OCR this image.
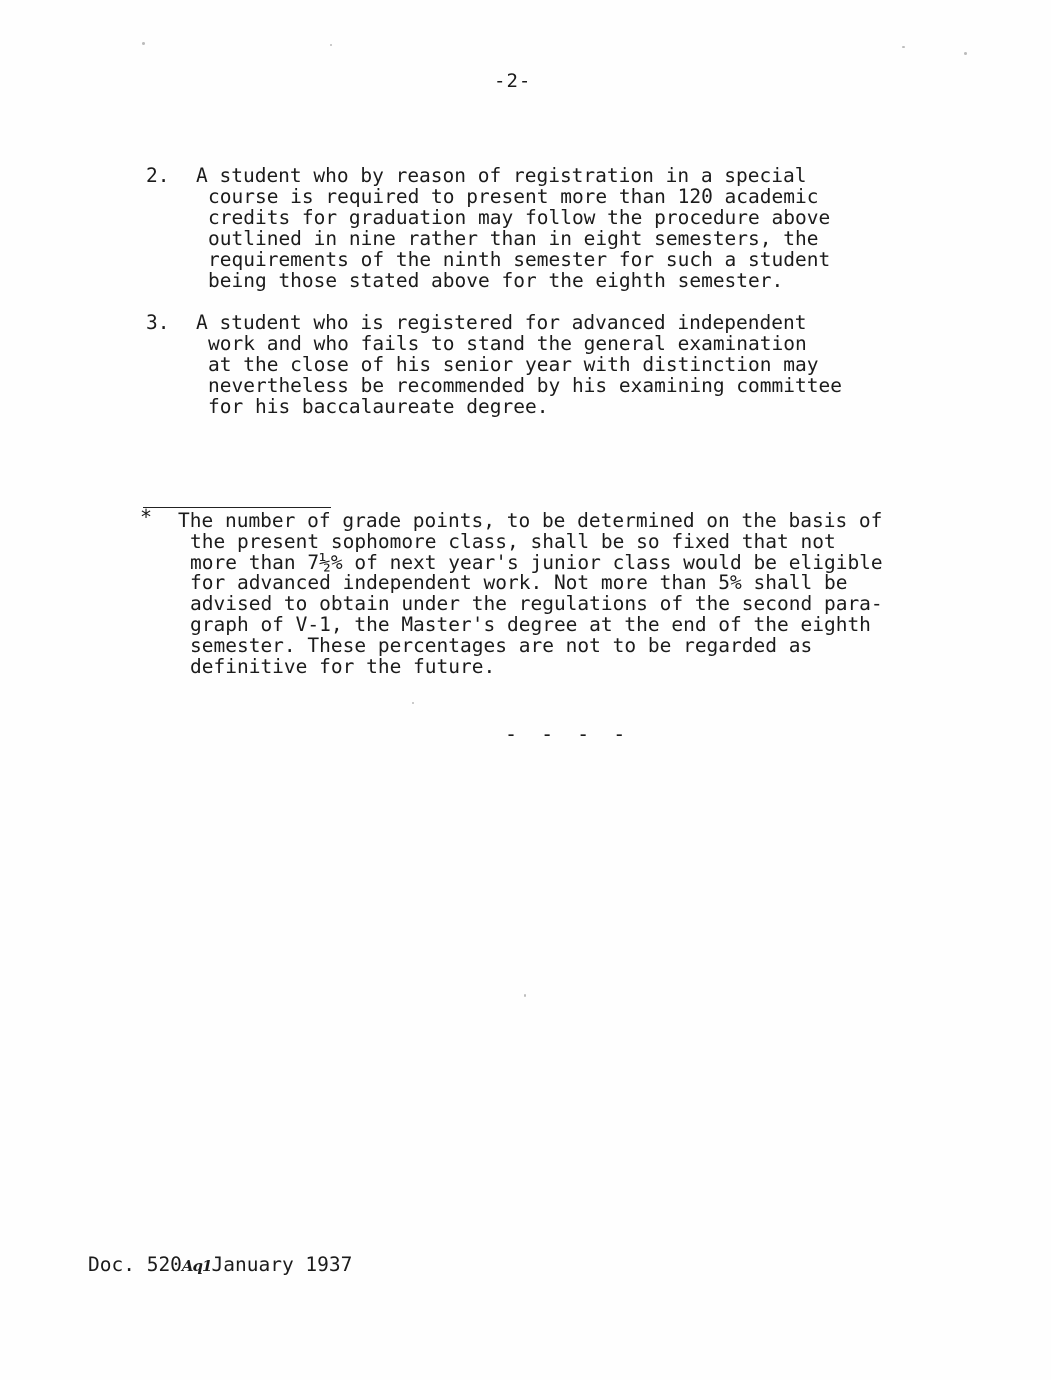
-2-
2. A student who by reason of registration in a special
course is required to present more than 120 academic
credits for graduation may follow the procedure above
outlined in nine rather than in eight semesters, the
requirements of the ninth semester for such a student
being those stated above for the eighth semester.
3. A student who is registered for advanced independent
work and who fails to stand the general examination
at the close of his senior year with distinction may
nevertheless be recommended by his examining committee
for his baccalaureate degree.
* The number of grade points, to be determined on the basis of
the present sophomore class, shall be so fixed that not
more than 7½% of next year's junior class would be eligible
for advanced independent work. Not more than 5% shall be
advised to obtain under the regulations of the second para-
graph of V-1, the Master's degree at the end of the eighth
semester. These percentages are not to be regarded as
definitive for the future.
- - - -
Doc. 520Aq1January 1937
